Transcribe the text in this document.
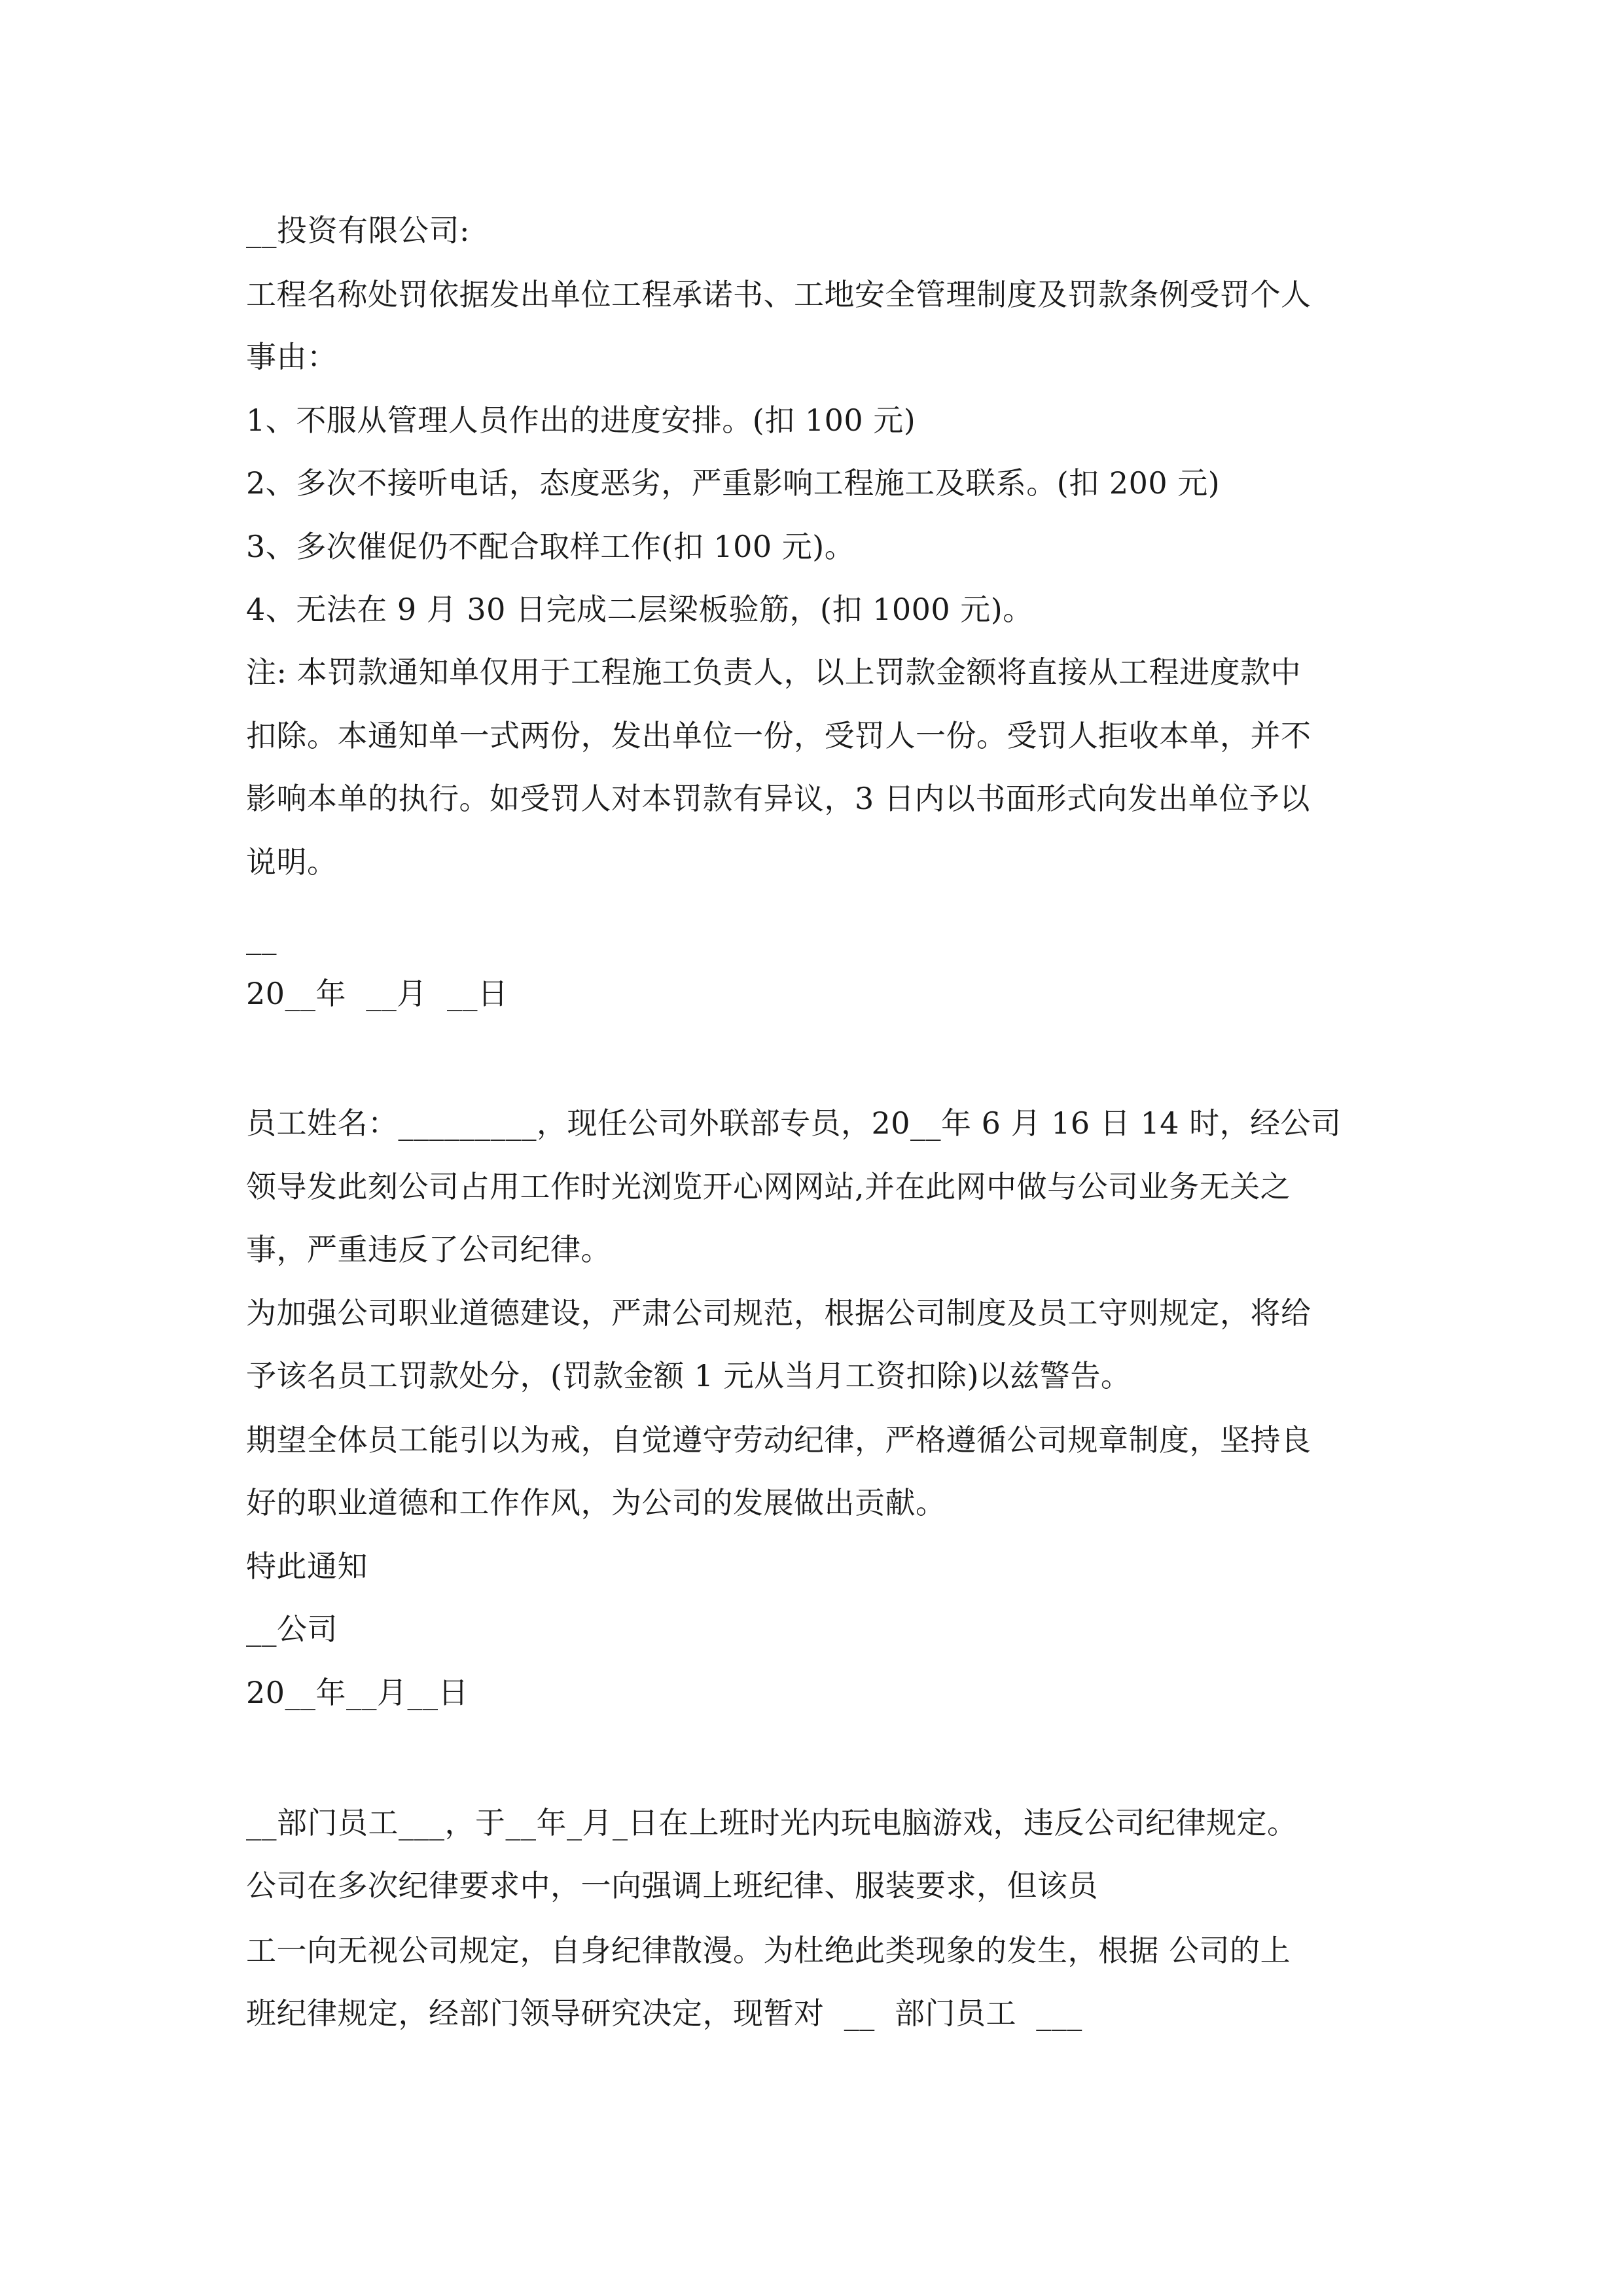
__投资有限公司:
工程名称处罚依据发出单位工程承诺书、工地安全管理制度及罚款条例受罚个人
事由：
1、不服从管理人员作出的进度安排。(扣 100 元)
2、多次不接听电话，态度恶劣，严重影响工程施工及联系。(扣 200 元)
3、多次催促仍不配合取样工作(扣 100 元)。
4、无法在 9 月 30 日完成二层梁板验筋，(扣 1000 元)。
注: 本罚款通知单仅用于工程施工负责人，以上罚款金额将直接从工程进度款中
扣除。本通知单一式两份，发出单位一份，受罚人一份。受罚人拒收本单，并不
影响本单的执行。如受罚人对本罚款有异议，3 日内以书面形式向发出单位予以
说明。
__
20__年  __月  __日
员工姓名：_________，现任公司外联部专员，20__年 6 月 16 日 14 时，经公司
领导发此刻公司占用工作时光浏览开心网网站,并在此网中做与公司业务无关之
事，严重违反了公司纪律。
为加强公司职业道德建设，严肃公司规范，根据公司制度及员工守则规定，将给
予该名员工罚款处分，(罚款金额 1 元从当月工资扣除)以兹警告。
期望全体员工能引以为戒，自觉遵守劳动纪律，严格遵循公司规章制度，坚持良
好的职业道德和工作作风，为公司的发展做出贡献。
特此通知
__公司
20__年__月__日
__部门员工___，于__年_月_日在上班时光内玩电脑游戏，违反公司纪律规定。
公司在多次纪律要求中，一向强调上班纪律、服装要求，但该员
工一向无视公司规定，自身纪律散漫。为杜绝此类现象的发生，根据 公司的上
班纪律规定，经部门领导研究决定，现暂对  __  部门员工  ___
